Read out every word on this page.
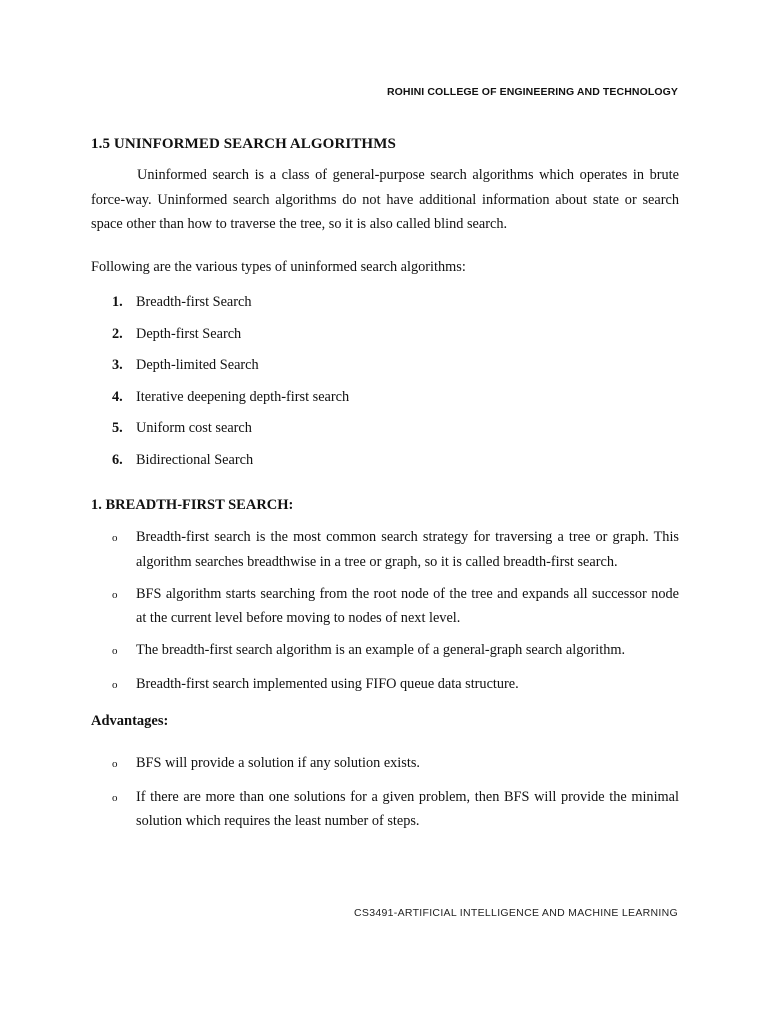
ROHINI COLLEGE OF ENGINEERING AND TECHNOLOGY
1.5 UNINFORMED SEARCH ALGORITHMS

Uninformed search is a class of general-purpose search algorithms which operates in brute force-way. Uninformed search algorithms do not have additional information about state or search space other than how to traverse the tree, so it is also called blind search.

Following are the various types of uninformed search algorithms:

1. Breadth-first Search
2. Depth-first Search
3. Depth-limited Search
4. Iterative deepening depth-first search
5. Uniform cost search
6. Bidirectional Search
1. BREADTH-FIRST SEARCH:
o	Breadth-first search is the most common search strategy for traversing a tree or graph. This algorithm searches breadthwise in a tree or graph, so it is called breadth-first search.
o	BFS algorithm starts searching from the root node of the tree and expands all successor node at the current level before moving to nodes of next level.
o	The breadth-first search algorithm is an example of a general-graph search algorithm.
o	Breadth-first search implemented using FIFO queue data structure.
Advantages:
o	BFS will provide a solution if any solution exists.
o	If there are more than one solutions for a given problem, then BFS will provide the minimal solution which requires the least number of steps.
CS3491-ARTIFICIAL INTELLIGENCE AND MACHINE LEARNING
